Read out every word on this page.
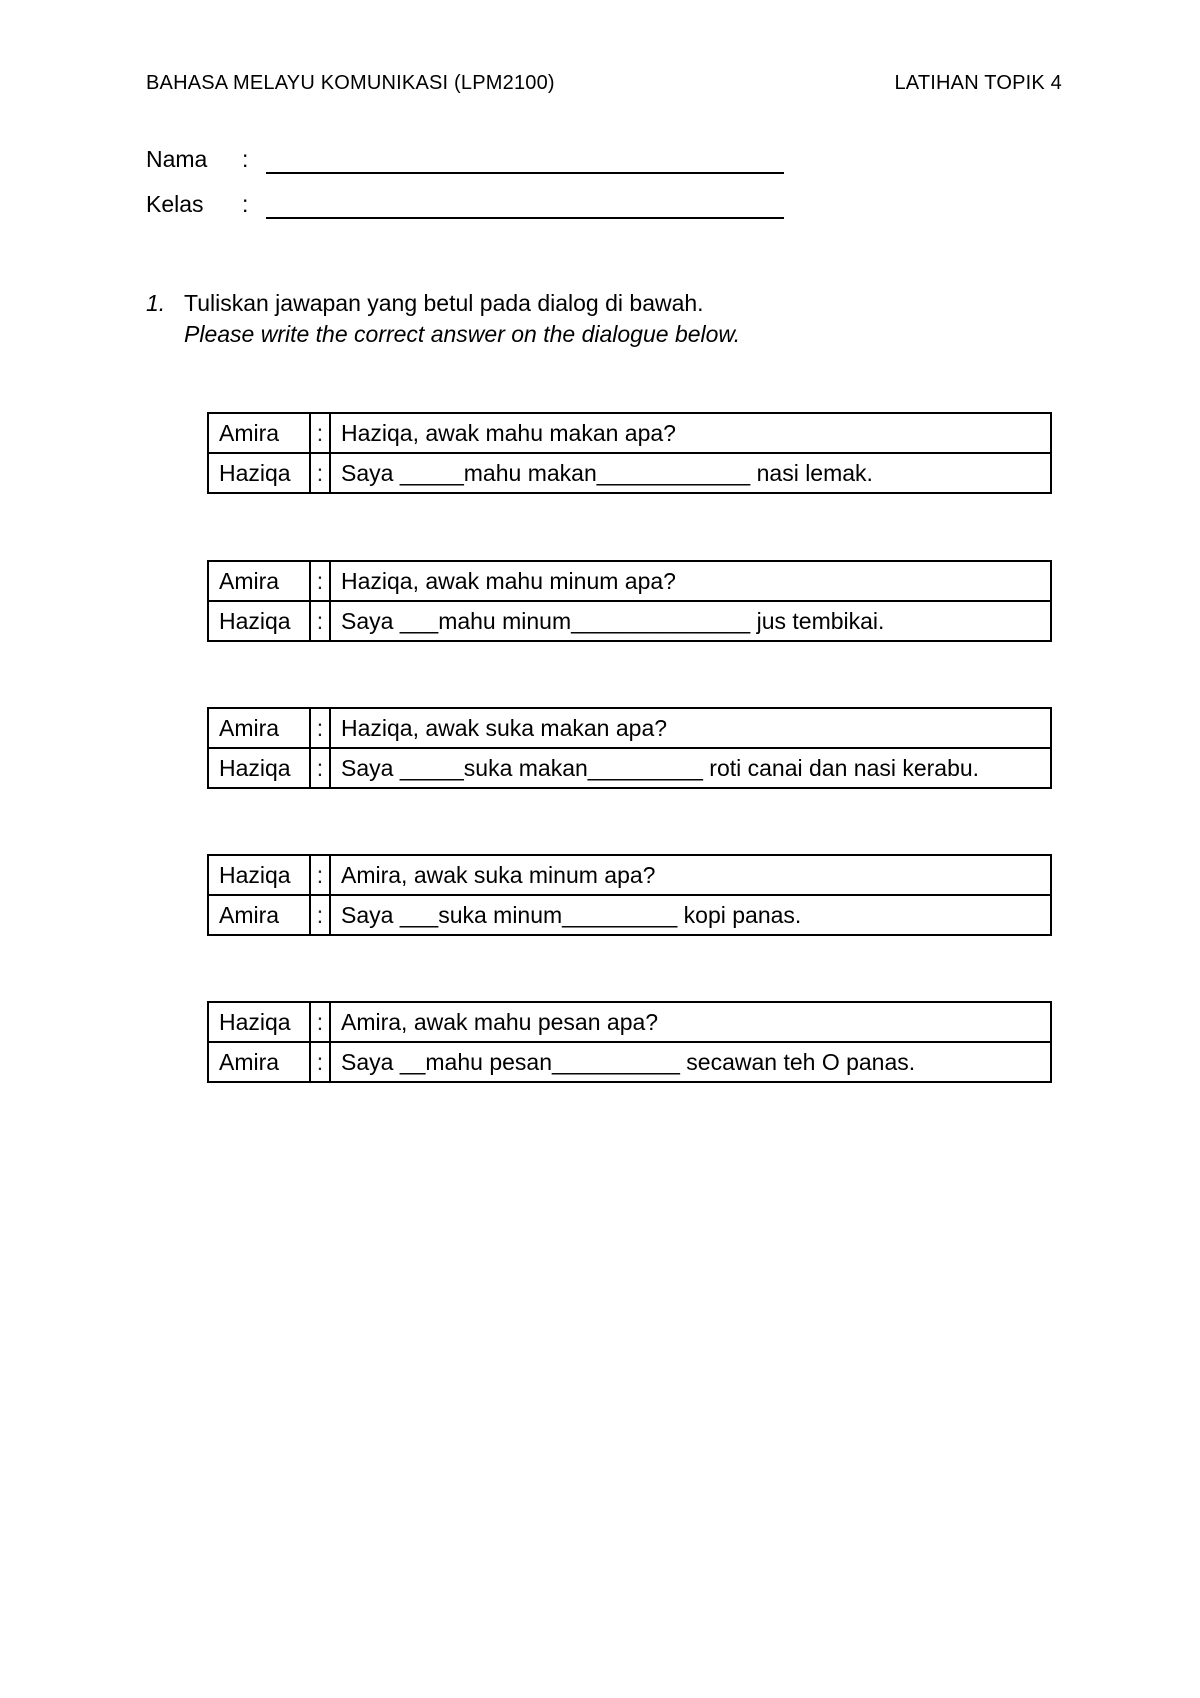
BAHASA MELAYU KOMUNIKASI (LPM2100)	LATIHAN TOPIK 4
Nama :
Kelas :
1. Tuliskan jawapan yang betul pada dialog di bawah.
Please write the correct answer on the dialogue below.
Amira	:	Haziqa, awak mahu makan apa?
Haziqa	:	Saya _____mahu makan____________ nasi lemak.
Amira	:	Haziqa, awak mahu minum apa?
Haziqa	:	Saya ___mahu minum______________ jus tembikai.
Amira	:	Haziqa, awak suka makan apa?
Haziqa	:	Saya _____suka makan_________ roti canai dan nasi kerabu.
Haziqa	:	Amira, awak suka minum apa?
Amira	:	Saya ___suka minum_________ kopi panas.
Haziqa	:	Amira, awak mahu pesan apa?
Amira	:	Saya __mahu pesan__________ secawan teh O panas.
